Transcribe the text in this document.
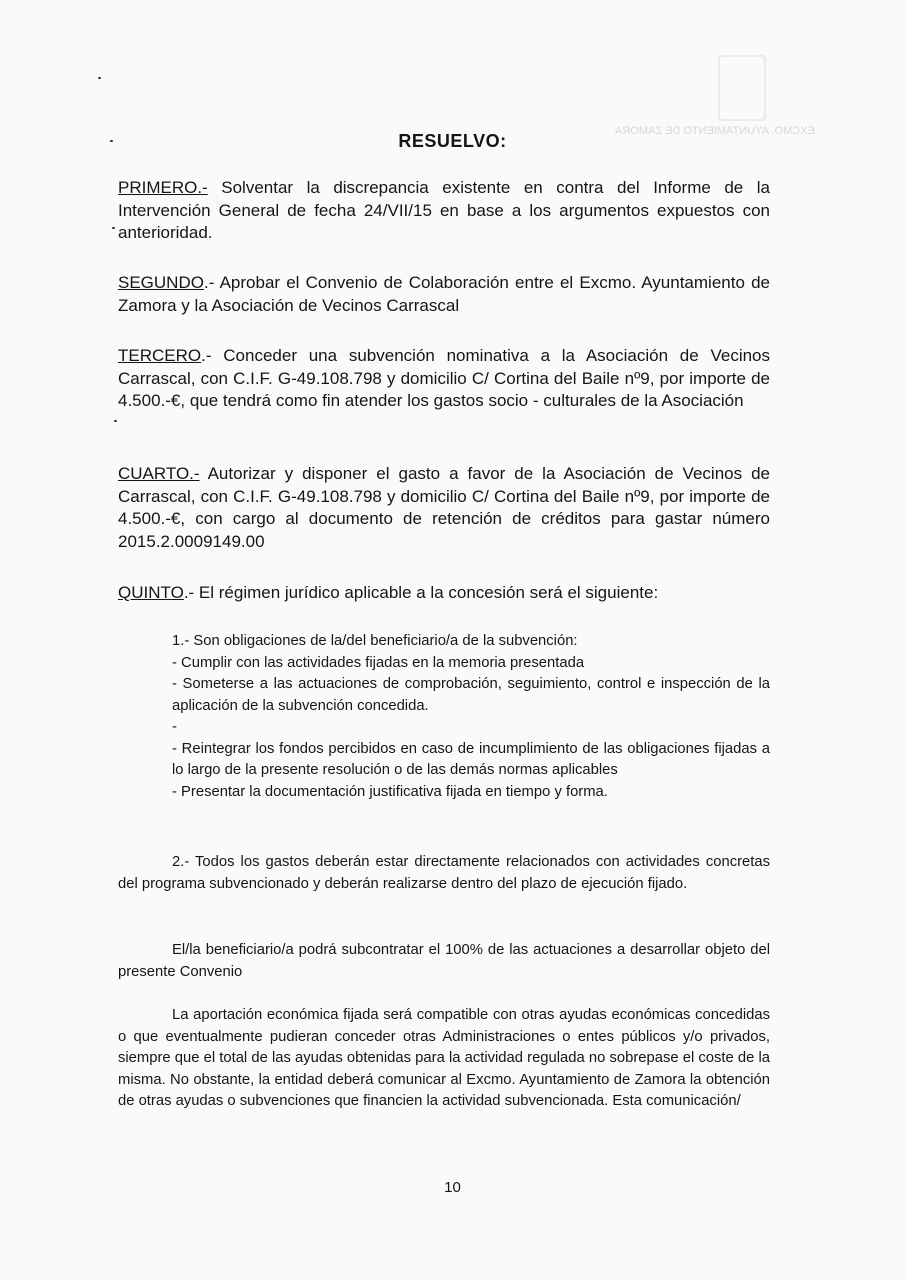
EXCMO. AYUNTAMIENTO DE ZAMORA
RESUELVO:
PRIMERO.- Solventar la discrepancia existente en contra del Informe de la Intervención General de fecha 24/VII/15 en base a los argumentos expuestos con anterioridad.
SEGUNDO.- Aprobar el Convenio de Colaboración entre el Excmo. Ayuntamiento de Zamora y la Asociación de Vecinos Carrascal
TERCERO.- Conceder una subvención nominativa a la Asociación de Vecinos Carrascal, con C.I.F. G-49.108.798 y domicilio C/ Cortina del Baile nº9, por importe de 4.500.-€, que tendrá como fin atender los gastos socio - culturales de la Asociación
CUARTO.- Autorizar y disponer el gasto a favor de la Asociación de Vecinos de Carrascal, con C.I.F. G-49.108.798 y domicilio C/ Cortina del Baile nº9, por importe de 4.500.-€, con cargo al documento de retención de créditos para gastar número 2015.2.0009149.00
QUINTO.- El régimen jurídico aplicable a la concesión será el siguiente:
1.- Son obligaciones de la/del beneficiario/a de la subvención:
- Cumplir con las actividades fijadas en la memoria presentada
- Someterse a las actuaciones de comprobación, seguimiento, control e inspección de la aplicación de la subvención concedida.
-
- Reintegrar los fondos percibidos en caso de incumplimiento de las obligaciones fijadas a lo largo de la presente resolución o de las demás normas aplicables
- Presentar la documentación justificativa fijada en tiempo y forma.
2.- Todos los gastos deberán estar directamente relacionados con actividades concretas del programa subvencionado y deberán realizarse dentro del plazo de ejecución fijado.
El/la beneficiario/a podrá subcontratar el 100% de las actuaciones a desarrollar objeto del presente Convenio
La aportación económica fijada será compatible con otras ayudas económicas concedidas o que eventualmente pudieran conceder otras Administraciones o entes públicos y/o privados, siempre que el total de las ayudas obtenidas para la actividad regulada no sobrepase el coste de la misma. No obstante, la entidad deberá comunicar al Excmo. Ayuntamiento de Zamora la obtención de otras ayudas o subvenciones que financien la actividad subvencionada. Esta comunicación/
10
